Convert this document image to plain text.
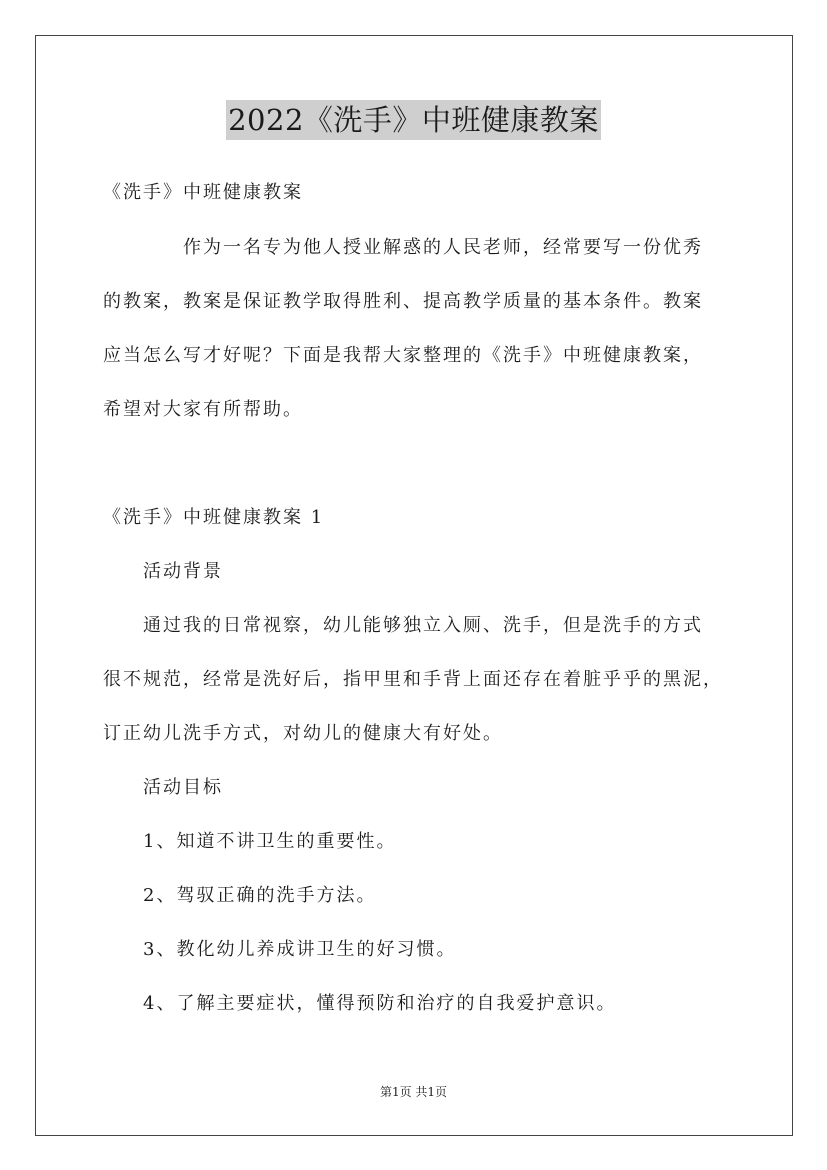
2022《洗手》中班健康教案
《洗手》中班健康教案
作为一名专为他人授业解惑的人民老师，经常要写一份优秀
的教案，教案是保证教学取得胜利、提高教学质量的基本条件。教案
应当怎么写才好呢？下面是我帮大家整理的《洗手》中班健康教案，
希望对大家有所帮助。
《洗手》中班健康教案 1
活动背景
通过我的日常视察，幼儿能够独立入厕、洗手，但是洗手的方式
很不规范，经常是洗好后，指甲里和手背上面还存在着脏乎乎的黑泥，
订正幼儿洗手方式，对幼儿的健康大有好处。
活动目标
1、知道不讲卫生的重要性。
2、驾驭正确的洗手方法。
3、教化幼儿养成讲卫生的好习惯。
4、了解主要症状，懂得预防和治疗的自我爱护意识。
第1页 共1页
